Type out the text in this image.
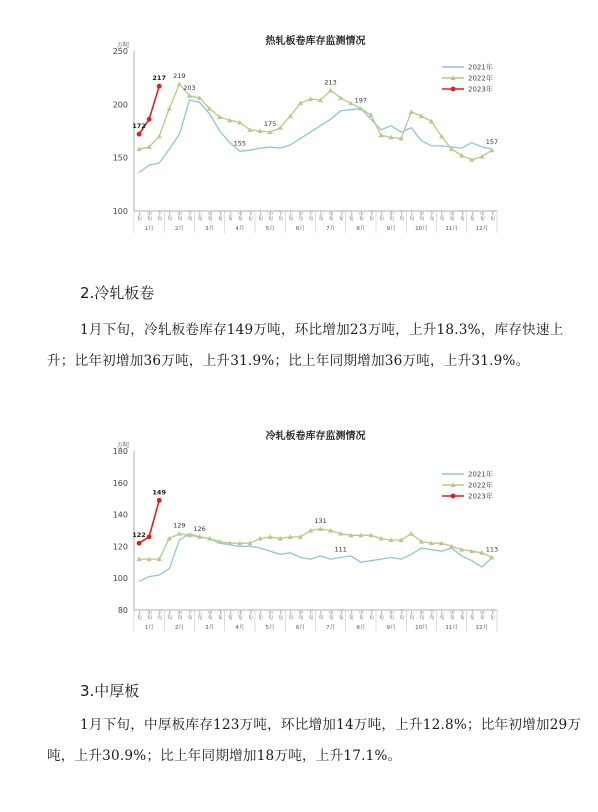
热轧板卷库存监测情况
万吨
100
150
200
250
上旬 中旬 下旬 上旬 中旬 下旬 上旬 中旬 下旬 上旬 中旬 下旬 上旬 中旬 下旬 上旬 中旬 下旬 上旬 中旬 下旬 上旬 中旬 下旬 上旬 中旬 下旬 上旬 中旬 下旬 上旬 中旬 下旬 上旬 中旬 下旬
1月	2月	3月	4月	5月	6月	7月	8月	9月	10月	11月	12月
172
217 219
203
155
175
213
197
157
2021年
2022年
2023年
2.冷轧板卷

1月下旬，冷轧板卷库存149万吨，环比增加23万吨，上升18.3%，库存快速上升；比年初增加36万吨，上升31.9%；比上年同期增加36万吨，上升31.9%。

冷轧板卷库存监测情况
万吨
80
100
120
140
160
180
上旬 中旬 下旬 上旬 中旬 下旬 上旬 中旬 下旬 上旬 中旬 下旬 上旬 中旬 下旬 上旬 中旬 下旬 上旬 中旬 下旬 上旬 中旬 下旬 上旬 中旬 下旬 上旬 中旬 下旬 上旬 中旬 下旬 上旬 中旬 下旬
1月	2月	3月	4月	5月	6月	7月	8月	9月	10月	11月	12月
122
149
129 126
131
111	113
2021年
2022年
2023年
3.中厚板

1月下旬，中厚板库存123万吨，环比增加14万吨，上升12.8%；比年初增加29万吨，上升30.9%；比上年同期增加18万吨，上升17.1%。
